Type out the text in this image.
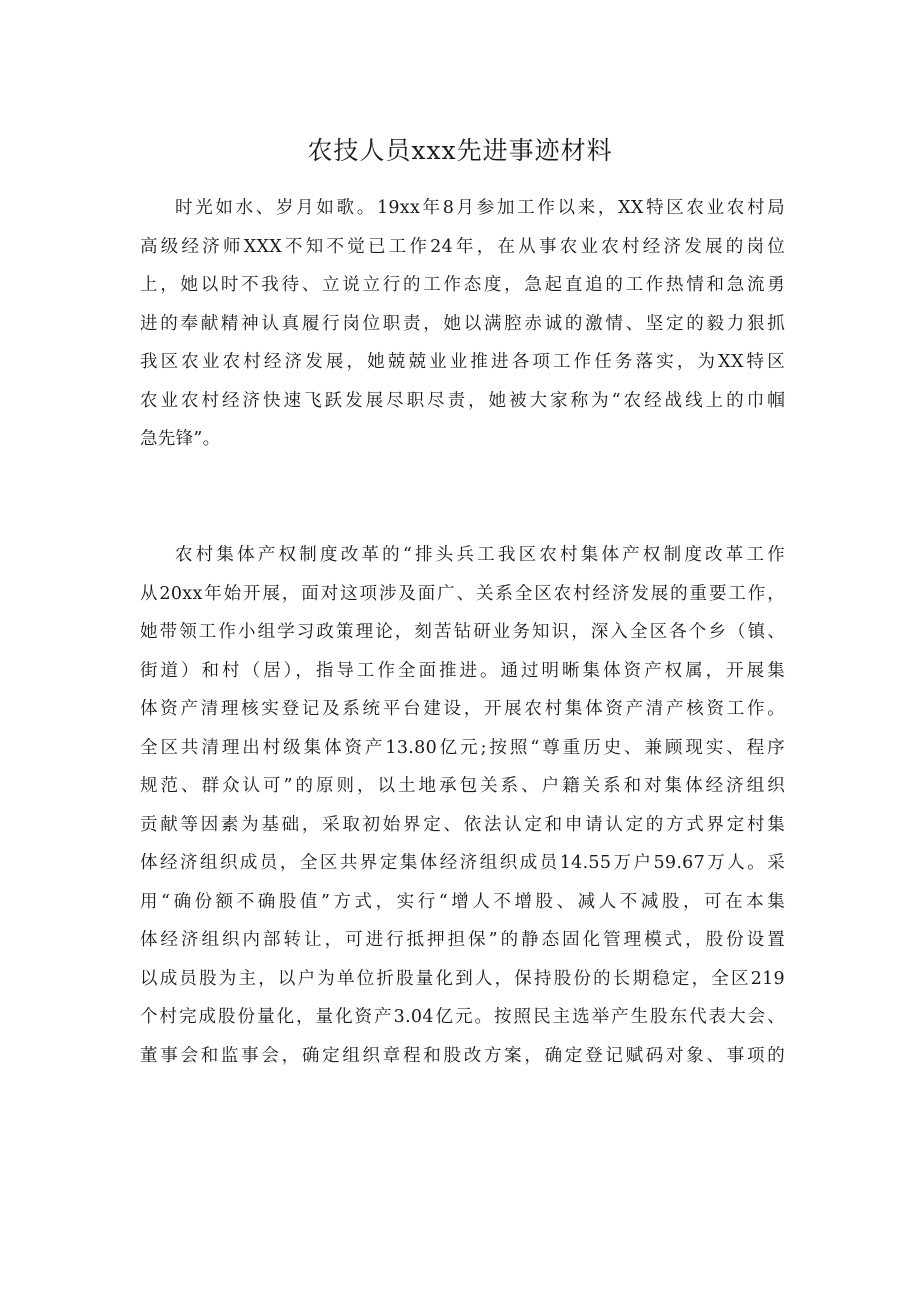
农技人员xxx先进事迹材料
时光如水、岁月如歌。19xx年8月参加工作以来，XX特区农业农村局
高级经济师XXX不知不觉已工作24年，在从事农业农村经济发展的岗位
上，她以时不我待、立说立行的工作态度，急起直追的工作热情和急流勇
进的奉献精神认真履行岗位职责，她以满腔赤诚的激情、坚定的毅力狠抓
我区农业农村经济发展，她兢兢业业推进各项工作任务落实，为XX特区
农业农村经济快速飞跃发展尽职尽责，她被大家称为“农经战线上的巾帼
急先锋”。
农村集体产权制度改革的“排头兵工我区农村集体产权制度改革工作
从20xx年始开展，面对这项涉及面广、关系全区农村经济发展的重要工作，
她带领工作小组学习政策理论，刻苦钻研业务知识，深入全区各个乡（镇、
街道）和村（居），指导工作全面推进。通过明晰集体资产权属，开展集
体资产清理核实登记及系统平台建设，开展农村集体资产清产核资工作。
全区共清理出村级集体资产13.80亿元;按照“尊重历史、兼顾现实、程序
规范、群众认可”的原则，以土地承包关系、户籍关系和对集体经济组织
贡献等因素为基础，采取初始界定、依法认定和申请认定的方式界定村集
体经济组织成员，全区共界定集体经济组织成员14.55万户59.67万人。采
用“确份额不确股值”方式，实行“增人不增股、减人不减股，可在本集
体经济组织内部转让，可进行抵押担保”的静态固化管理模式，股份设置
以成员股为主，以户为单位折股量化到人，保持股份的长期稳定，全区219
个村完成股份量化，量化资产3.04亿元。按照民主选举产生股东代表大会、
董事会和监事会，确定组织章程和股改方案，确定登记赋码对象、事项的
